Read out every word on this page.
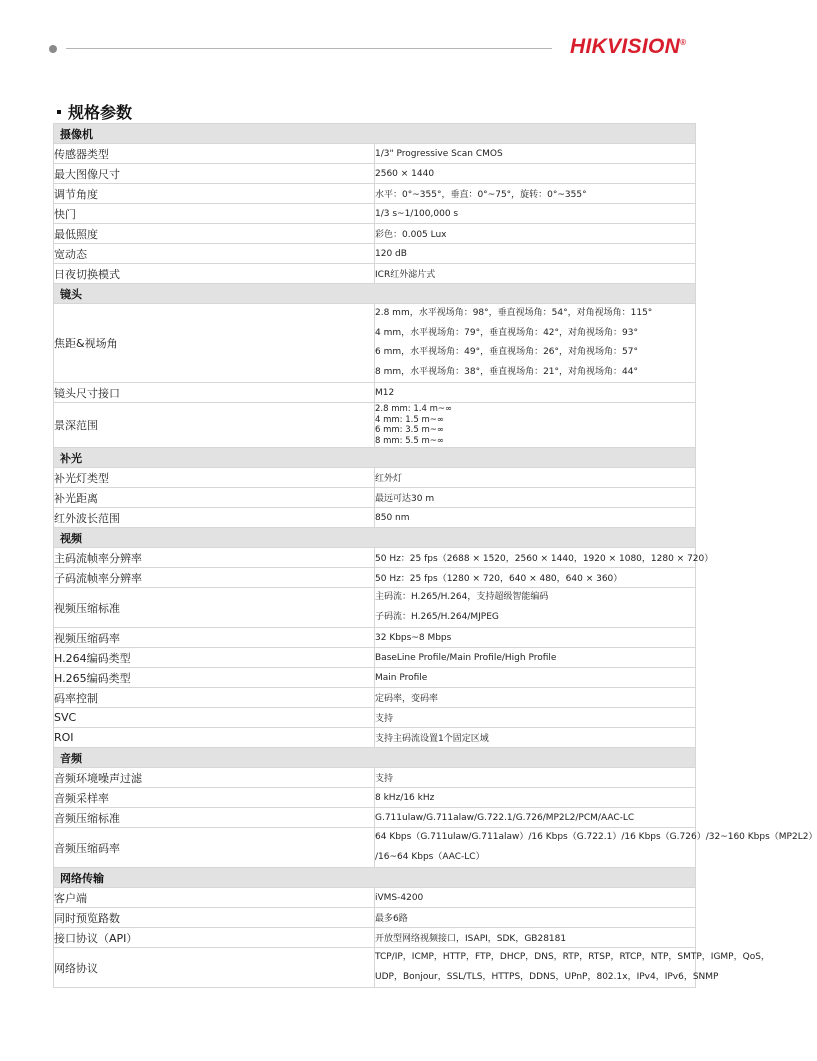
HIKVISION®
规格参数
摄像机	
传感器类型	1/3" Progressive Scan CMOS

最大图像尺寸	2560 × 1440

调节角度	水平：0°~355°，垂直：0°~75°，旋转：0°~355°

快门	1/3 s~1/100,000 s

最低照度	彩色：0.005 Lux

宽动态	120 dB

日夜切换模式	ICR红外滤片式

镜头	
焦距&视场角	2.8 mm，水平视场角：98°，垂直视场角：54°，对角视场角：115°
4 mm，水平视场角：79°，垂直视场角：42°，对角视场角：93°
6 mm，水平视场角：49°，垂直视场角：26°，对角视场角：57°
8 mm，水平视场角：38°，垂直视场角：21°，对角视场角：44°

镜头尺寸接口	M12

景深范围	2.8 mm: 1.4 m~∞
4 mm: 1.5 m~∞
6 mm: 3.5 m~∞
8 mm: 5.5 m~∞

补光	
补光灯类型	红外灯

补光距离	最远可达30 m

红外波长范围	850 nm

视频	
主码流帧率分辨率	50 Hz：25 fps（2688 × 1520，2560 × 1440，1920 × 1080，1280 × 720）

子码流帧率分辨率	50 Hz：25 fps（1280 × 720，640 × 480，640 × 360）

视频压缩标准	主码流：H.265/H.264，支持超级智能编码
子码流：H.265/H.264/MJPEG

视频压缩码率	32 Kbps~8 Mbps

H.264编码类型	BaseLine Profile/Main Profile/High Profile

H.265编码类型	Main Profile

码率控制	定码率，变码率

SVC	支持

ROI	支持主码流设置1个固定区域

音频	
音频环境噪声过滤	支持

音频采样率	8 kHz/16 kHz

音频压缩标准	G.711ulaw/G.711alaw/G.722.1/G.726/MP2L2/PCM/AAC-LC

音频压缩码率	64 Kbps（G.711ulaw/G.711alaw）/16 Kbps（G.722.1）/16 Kbps（G.726）/32~160 Kbps（MP2L2）
/16~64 Kbps（AAC-LC）

网络传输	
客户端	iVMS-4200

同时预览路数	最多6路

接口协议（API）	开放型网络视频接口，ISAPI，SDK，GB28181

网络协议	TCP/IP，ICMP，HTTP，FTP，DHCP，DNS，RTP，RTSP，RTCP，NTP，SMTP，IGMP，QoS，
UDP，Bonjour，SSL/TLS，HTTPS，DDNS，UPnP，802.1x，IPv4，IPv6，SNMP
